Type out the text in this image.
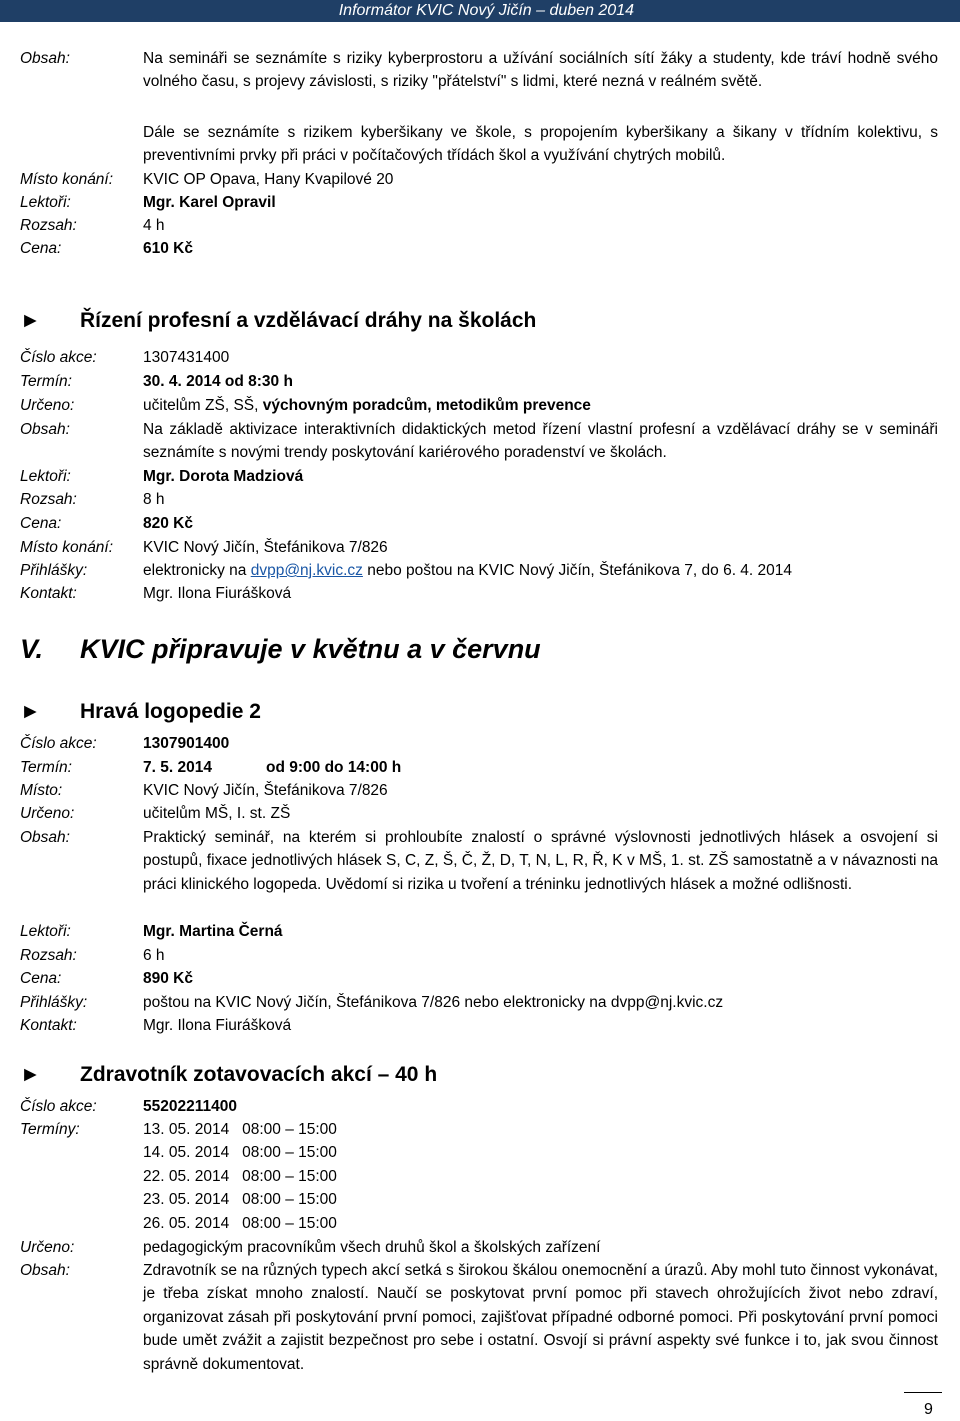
Informátor KVIC Nový Jičín – duben 2014
Obsah:	Na semináři se seznámíte s riziky kyberprostoru a užívání sociálních sítí žáky a studenty, kde tráví hodně svého volného času, s projevy závislosti, s riziky "přátelství" s lidmi, které nezná v reálném světě.
Dále se seznámíte s rizikem kyberšikany ve škole, s propojením kyberšikany a šikany v třídním kolektivu, s preventivními prvky při práci v počítačových třídách škol a využívání chytrých mobilů.
Místo konání: KVIC OP Opava, Hany Kvapilové 20
Lektoři:	Mgr. Karel Opravil
Rozsah:	4 h
Cena:	610 Kč
► Řízení profesní a vzdělávací dráhy na školách
Číslo akce:	1307431400
Termín:	30. 4. 2014 od 8:30 h
Určeno:	učitelům ZŠ, SŠ, výchovným poradcům, metodikům prevence
Obsah:	Na základě aktivizace interaktivních didaktických metod řízení vlastní profesní a vzdělávací dráhy se v semináři seznámíte s novými trendy poskytování kariérového poradenství ve školách.
Lektoři:	Mgr. Dorota Madziová
Rozsah:	8 h
Cena:	820 Kč
Místo konání: KVIC Nový Jičín, Štefánikova 7/826
Přihlášky:	elektronicky na dvpp@nj.kvic.cz nebo poštou na KVIC Nový Jičín, Štefánikova 7, do 6. 4. 2014
Kontakt:	Mgr. Ilona Fiurášková
V. KVIC připravuje v květnu a v červnu
► Hravá logopedie 2
Číslo akce:	1307901400
Termín:	7. 5. 2014	od 9:00 do 14:00 h
Místo:	KVIC Nový Jičín, Štefánikova 7/826
Určeno:	učitelům MŠ, I. st. ZŠ
Obsah:	Praktický seminář, na kterém si prohloubíte znalostí o správné výslovnosti jednotlivých hlásek a osvojení si postupů, fixace jednotlivých hlásek S, C, Z, Š, Č, Ž, D, T, N, L, R, Ř, K v MŠ, 1. st. ZŠ samostatně a v návaznosti na práci klinického logopeda. Uvědomí si rizika u tvoření a tréninku jednotlivých hlásek a možné odlišnosti.
Lektoři:	Mgr. Martina Černá
Rozsah:	6 h
Cena:	890 Kč
Přihlášky:	poštou na KVIC Nový Jičín, Štefánikova 7/826 nebo elektronicky na dvpp@nj.kvic.cz
Kontakt:	Mgr. Ilona Fiurášková
► Zdravotník zotavovacích akcí – 40 h
Číslo akce:	55202211400
Termíny:	13. 05. 2014   08:00 – 15:00
14. 05. 2014   08:00 – 15:00
22. 05. 2014   08:00 – 15:00
23. 05. 2014   08:00 – 15:00
26. 05. 2014   08:00 – 15:00
Určeno:	pedagogickým pracovníkům všech druhů škol a školských zařízení
Obsah:	Zdravotník se na různých typech akcí setká s širokou škálou onemocnění a úrazů. Aby mohl tuto činnost vykonávat, je třeba získat mnoho znalostí. Naučí se poskytovat první pomoc při stavech ohrožujících život nebo zdraví, organizovat zásah při poskytování první pomoci, zajišťovat případné odborné pomoci. Při poskytování první pomoci bude umět zvážit a zajistit bezpečnost pro sebe i ostatní. Osvojí si právní aspekty své funkce i to, jak svou činnost správně dokumentovat.
9
